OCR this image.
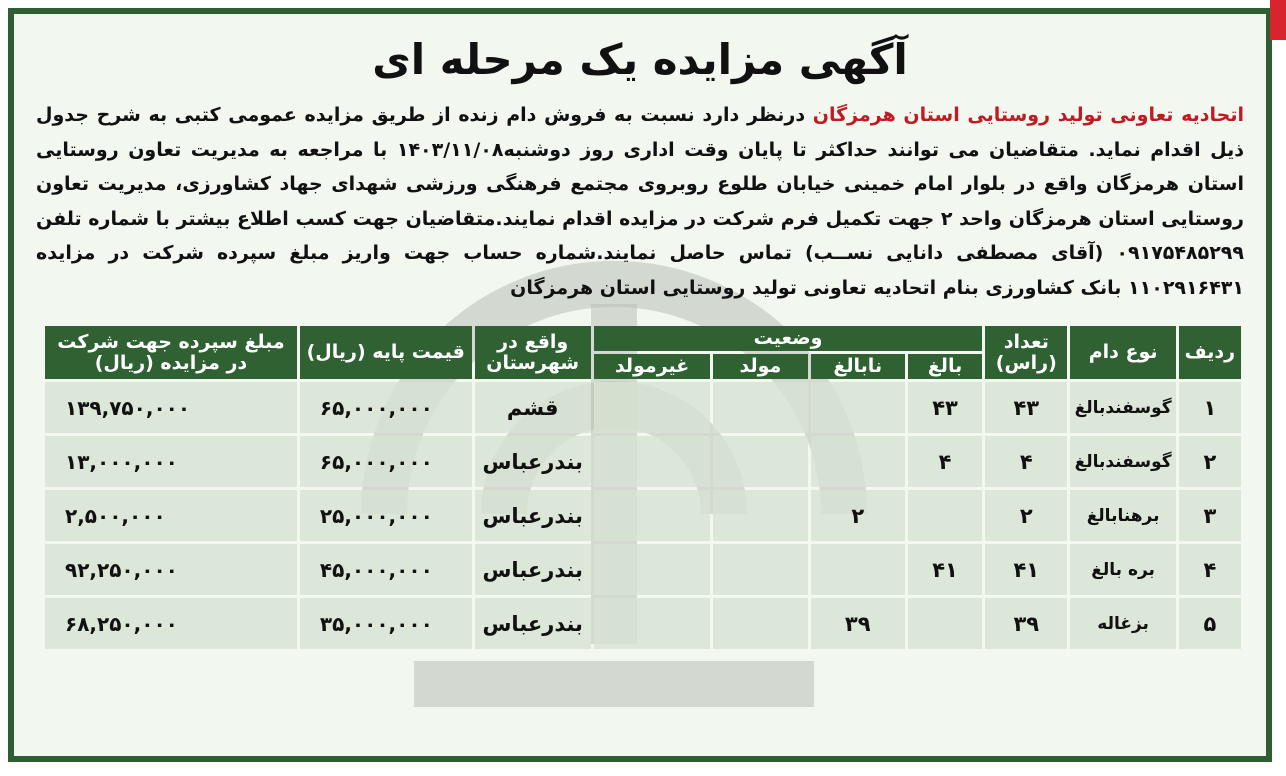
آگهی مزایده یک مرحله ای

اتحادیه تعاونی تولید روستایی استان هرمزگان درنظر دارد نسبت به فروش دام زنده از طریق مزایده عمومی کتبی به شرح جدول ذیل اقدام نماید. متقاضیان می توانند حداکثر تا پایان وقت اداری روز دوشنبه۱۴۰۳/۱۱/۰۸ با مراجعه به مدیریت تعاون روستایی استان هرمزگان واقع در بلوار امام خمینی خیابان طلوع روبروی مجتمع فرهنگی ورزشی شهدای جهاد کشاورزی، مدیریت تعاون روستایی استان هرمزگان واحد ۲ جهت تکمیل فرم شرکت در مزایده اقدام نمایند.متقاضیان جهت کسب اطلاع بیشتر با شماره تلفن ۰۹۱۷۵۴۸۵۲۹۹ (آقای مصطفی دانایی نســب) تماس حاصل نمایند.شماره حساب جهت واریز مبلغ سپرده شرکت در مزایده ۱۱۰۲۹۱۶۴۳۱ بانک کشاورزی بنام اتحادیه تعاونی تولید روستایی استان هرمزگان

ردیف	نوع دام	تعداد (راس)	وضعیت				واقع در شهرستان	قیمت پایه (ریال)	مبلغ سپرده جهت شرکت در مزایده (ریال)
			بالغ	نابالغ	مولد	غیرمولد			
۱	گوسفندبالغ	۴۳	۴۳				قشم	۶۵,۰۰۰,۰۰۰	۱۳۹,۷۵۰,۰۰۰
۲	گوسفندبالغ	۴	۴				بندرعباس	۶۵,۰۰۰,۰۰۰	۱۳,۰۰۰,۰۰۰
۳	برهنابالغ	۲		۲			بندرعباس	۲۵,۰۰۰,۰۰۰	۲,۵۰۰,۰۰۰
۴	بره بالغ	۴۱	۴۱				بندرعباس	۴۵,۰۰۰,۰۰۰	۹۲,۲۵۰,۰۰۰
۵	بزغاله	۳۹		۳۹			بندرعباس	۳۵,۰۰۰,۰۰۰	۶۸,۲۵۰,۰۰۰
